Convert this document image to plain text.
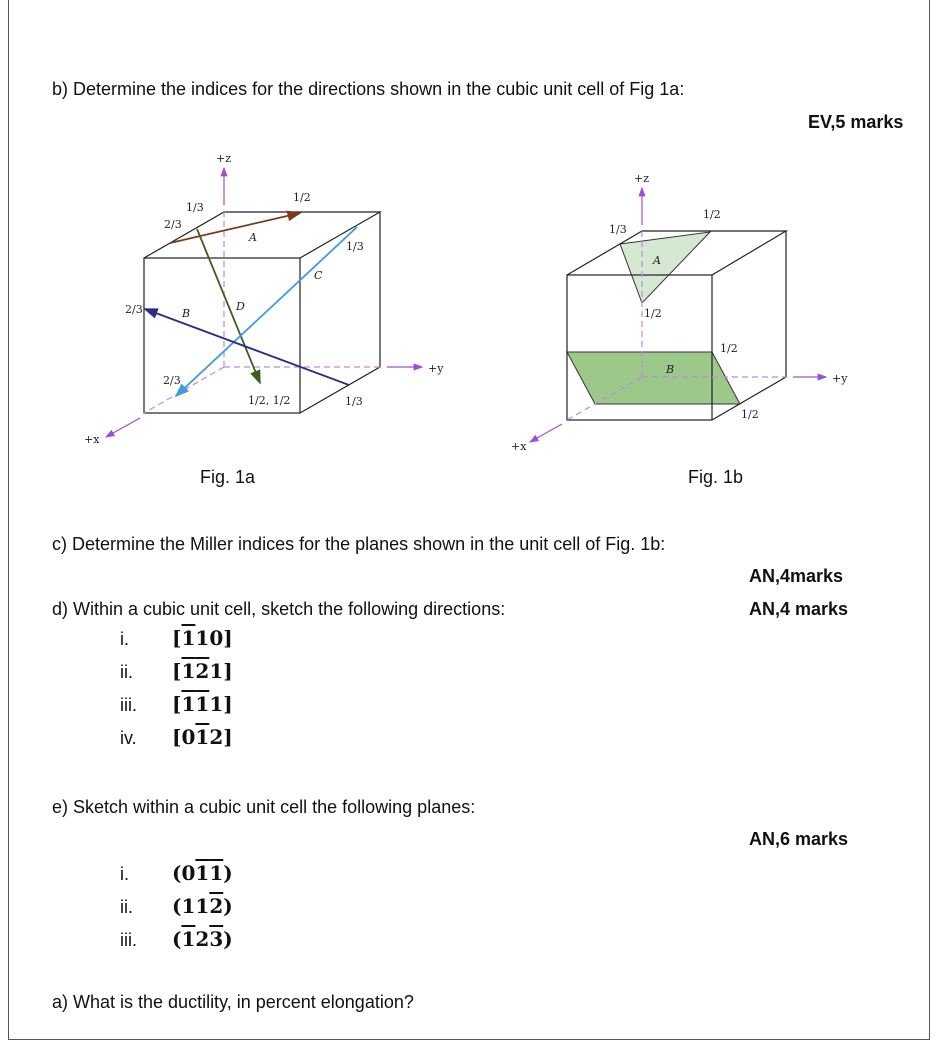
b) Determine the indices for the directions shown in the cubic unit cell of Fig 1a:
EV,5 marks
+z
+y
+x
1/2
2/3
1/3
1/3
2/3
2/3
1/2, 1/2	1/3
A
B
C
D
+z
+y
+x
1/3
1/2
1/2
1/2
1/2
A
B
Fig. 1a	Fig. 1b
c) Determine the Miller indices for the planes shown in the unit cell of Fig. 1b:
AN,4marks
d) Within a cubic unit cell, sketch the following directions:	AN,4 marks
i. [110]
ii. [121]
iii. [111]
iv. [012]
e) Sketch within a cubic unit cell the following planes:
AN,6 marks
i. (011)
ii. (112)
iii. (123)
a) What is the ductility, in percent elongation?
